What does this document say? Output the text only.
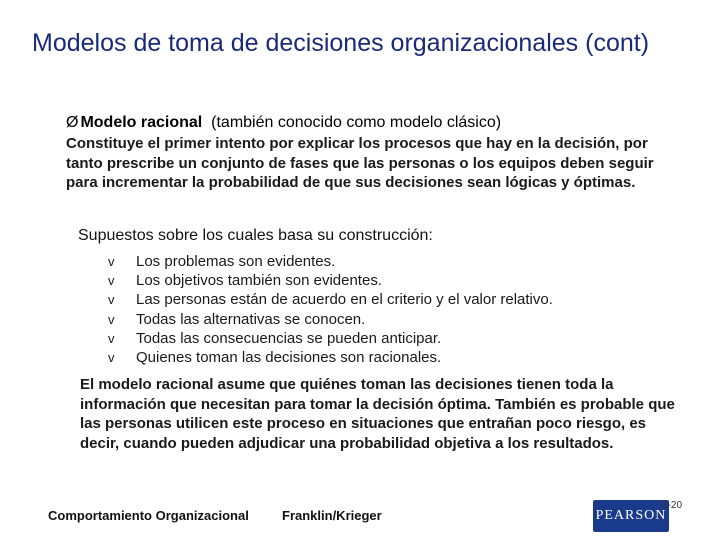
Modelos de toma de decisiones organizacionales (cont)
Ø Modelo racional  (también conocido como modelo clásico)
Constituye el primer intento por explicar los procesos que hay en la decisión, por tanto prescribe un conjunto de fases que las personas o los equipos deben seguir para incrementar la probabilidad de que sus decisiones sean lógicas y óptimas.
Supuestos sobre los cuales basa su construcción:
v	Los problemas son evidentes.
v	Los objetivos también son evidentes.
v	Las personas están de acuerdo en el criterio y el valor relativo.
v	Todas las alternativas se conocen.
v	Todas las consecuencias se pueden anticipar.
v	Quienes toman las decisiones son racionales.
El modelo racional asume que quiénes toman las decisiones tienen toda la información que necesitan para tomar la decisión óptima. También es probable que las personas utilicen este proceso en situaciones que entrañan poco riesgo, es decir, cuando pueden adjudicar una probabilidad objetiva a los resultados.
Comportamiento Organizacional	Franklin/Krieger	PEARSON
1-20
